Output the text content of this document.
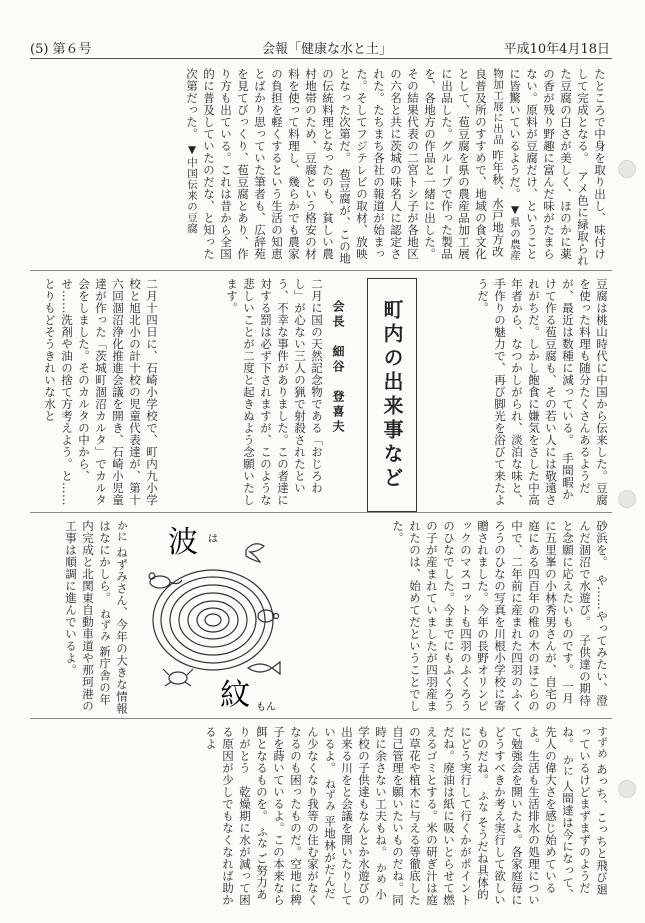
(5) 第６号	会報「健康な水と土」	平成10年4月18日
たところで中身を取り出し、味付けして完成となる。　アメ色に緑取られた豆腐の白さが美しく、ほのかに薬の香が残り野趣に富んだ味がたまらない。原料が豆腐だけ、ということに皆驚いているようだ。 ▼県の農産物加工展に出品 昨年秋、水戸地方改良普及所のすすめで、地域の食文化として、苞豆腐を県の農産品加工展に出品した。グループで作った製品を、各地方の作品と一緒に出した。その結果代表の二宮トシ子が各地区の六名と共に茨城の味名人に認定された。たちまち各社の報道が始まった。そしてフジテレビの取材、放映となった次第だ。 苞豆腐が、この地の伝統料理となったのも、貧しい農村地帯のため、豆腐という格安の材料を使って料理し、幾らかでも農家の負担を軽くするという生活の知恵とばかり思っていた筆者も、広辞苑を見てびっくり、苞豆腐とあり、作り方も出ている。これは昔から全国的に普及していたのだな、と知った次第だった。 ▼中国伝来の豆腐
豆腐は桃山時代に中国から伝来した。豆腐を使った料理も随分たくさんあるようだが、最近は数種に減っている。　手間暇かけて作る苞豆腐も、その若い人には敬遠されがちだ。しかし飽食に嫌気をさした中高年者から、なつかしがられ、淡泊な味と、手作りの魅力で、再び脚光を浴びて来たようだ。
町内の出来事など
会長　細谷　登喜夫
二月に国の天然記念物である「おじろわし」が心ない三人の猟で射殺されたという、不幸な事件がありました。この者達に対する罰は必ず下されますが、このような悲しいことが二度と起きぬよう念願いたします。
二月十四日に、石崎小学校で、町内九小学校と旭北小の計十校の児童代表達が、第十六回涸沼浄化推進会議を開き、石崎小児童達が作った「茨城町涸沼カルタ」でカルタ会をしました。そのカルタの中から、せ……洗剤や油の捨て方考えよう。と……とりもどそうきれいな水と
砂浜を。　や……やってみたい、澄んだ涸沼で水遊び。　子供達の期待と念願に応えたいものです。 一月に五里峯の小林秀男さんが、自宅の庭にある四百年の椎の木のほこらの中で、二年前に産まれた四羽のふくろうのひなの写真を川根小学校に寄贈されました。今年の長野オリンピックのマスコットも四羽のふくろうのひなでした。今までにもふくろうの子が産まれていましたが四羽産まれたのは、始めてだということでした。
波 は
紋 もん
かに ねずみさん、今年の大きな情報はなにかしら。 ねずみ 新庁舎の年内完成と北関東自動車道や那珂港の工事は順調に進んでいるよ。
すずめ あっち、こっちと飛び廻っているけどまずまずのようだね。 かに 人間達は今になって、先人の偉大さを感じ始めているよ。生活も生活排水の処理について勉強会を開いたよ。各家庭毎にどうすべきか考え実行して欲しいものだね。 ふな そうだね具体的にどう実行して行くかがポイントだね。廃油は紙に吸いとらせて燃えるゴミとする。米の研ぎ汁は庭の草花や植木に与える等徹底した自己管理を願いたいものだね。同時に余さない工夫もね。 かめ 小学校の子供達もなんとか水遊びの出来る川をと会議を開いたりしているよ。 ねずみ 平地林がだんだん少なくなり我等の住む家がなくなるのも困ったものだ。空地に稗子を蒔いているよ。この本来なら餌となるものを。 ふな ご努力ありがとう　乾燥期に水が減って困る原因が少しでもなくなれば助かるよ
